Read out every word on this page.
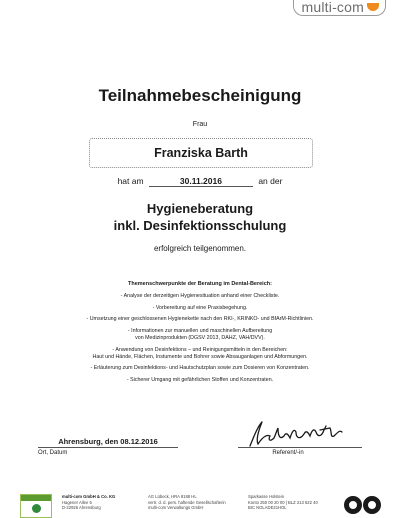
multi-com
Teilnahmebescheinigung
Frau
Franziska Barth
hat am	30.11.2016	an der
Hygieneberatung
inkl. Desinfektionsschulung
erfolgreich teilgenommen.
Themenschwerpunkte der Beratung im Dental-Bereich:
- Analyse der derzeitigen Hygienesituation anhand einer Checkliste.
- Vorbereitung auf eine Praxisbegehung.
- Umsetzung einer geschlossenen Hygienekette nach den RKI-, KRINKO- und BfArM-Richtlinien.
- Informationen zur manuellen und maschinellen Aufbereitung
von Medizinprodukten (DGSV 2013, DAHZ, VAH/DVV).
- Anwendung von Desinfektions – und Reinigungsmitteln in den Bereichen:
Haut und Hände, Flächen, Instumente und Bohrer sowie Absauganlagen und Abformungen.
- Erläuterung zum Desinfektions- und Hautschutzplan sowie zum Dosieren von Konzentraten.
- Sicherer Umgang mit gefährlichen Stoffen und Konzentraten.
Ahrensburg, den 08.12.2016
Ort, Datum	Referent/-in
multi-com GmbH & Co. KG
Hagener Allee 5
D-22926 Ahrensburg
AG Lübeck, HRA 8188 HL
vertr. d. d. pers. haftende Gesellschafterin
multi-com Verwaltungs GmbH
Sparkasse Holstein
Konto 250 00 20 00 | BLZ 213 522 40
BIC NOLADE21HOL
